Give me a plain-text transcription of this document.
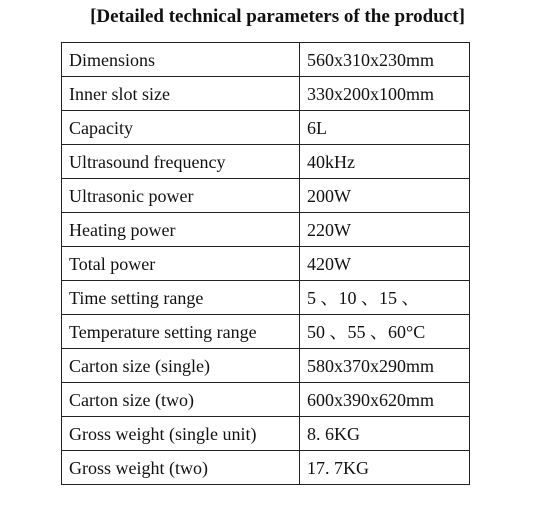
[Detailed technical parameters of the product]
Dimensions	560x310x230mm
Inner slot size	330x200x100mm
Capacity	6L
Ultrasound frequency	40kHz
Ultrasonic power	200W
Heating power	220W
Total power	420W
Time setting range	5 、10 、15 、
Temperature setting range	50 、55 、60°C
Carton size (single)	580x370x290mm
Carton size (two)	600x390x620mm
Gross weight (single unit)	8. 6KG
Gross weight (two)	17. 7KG
